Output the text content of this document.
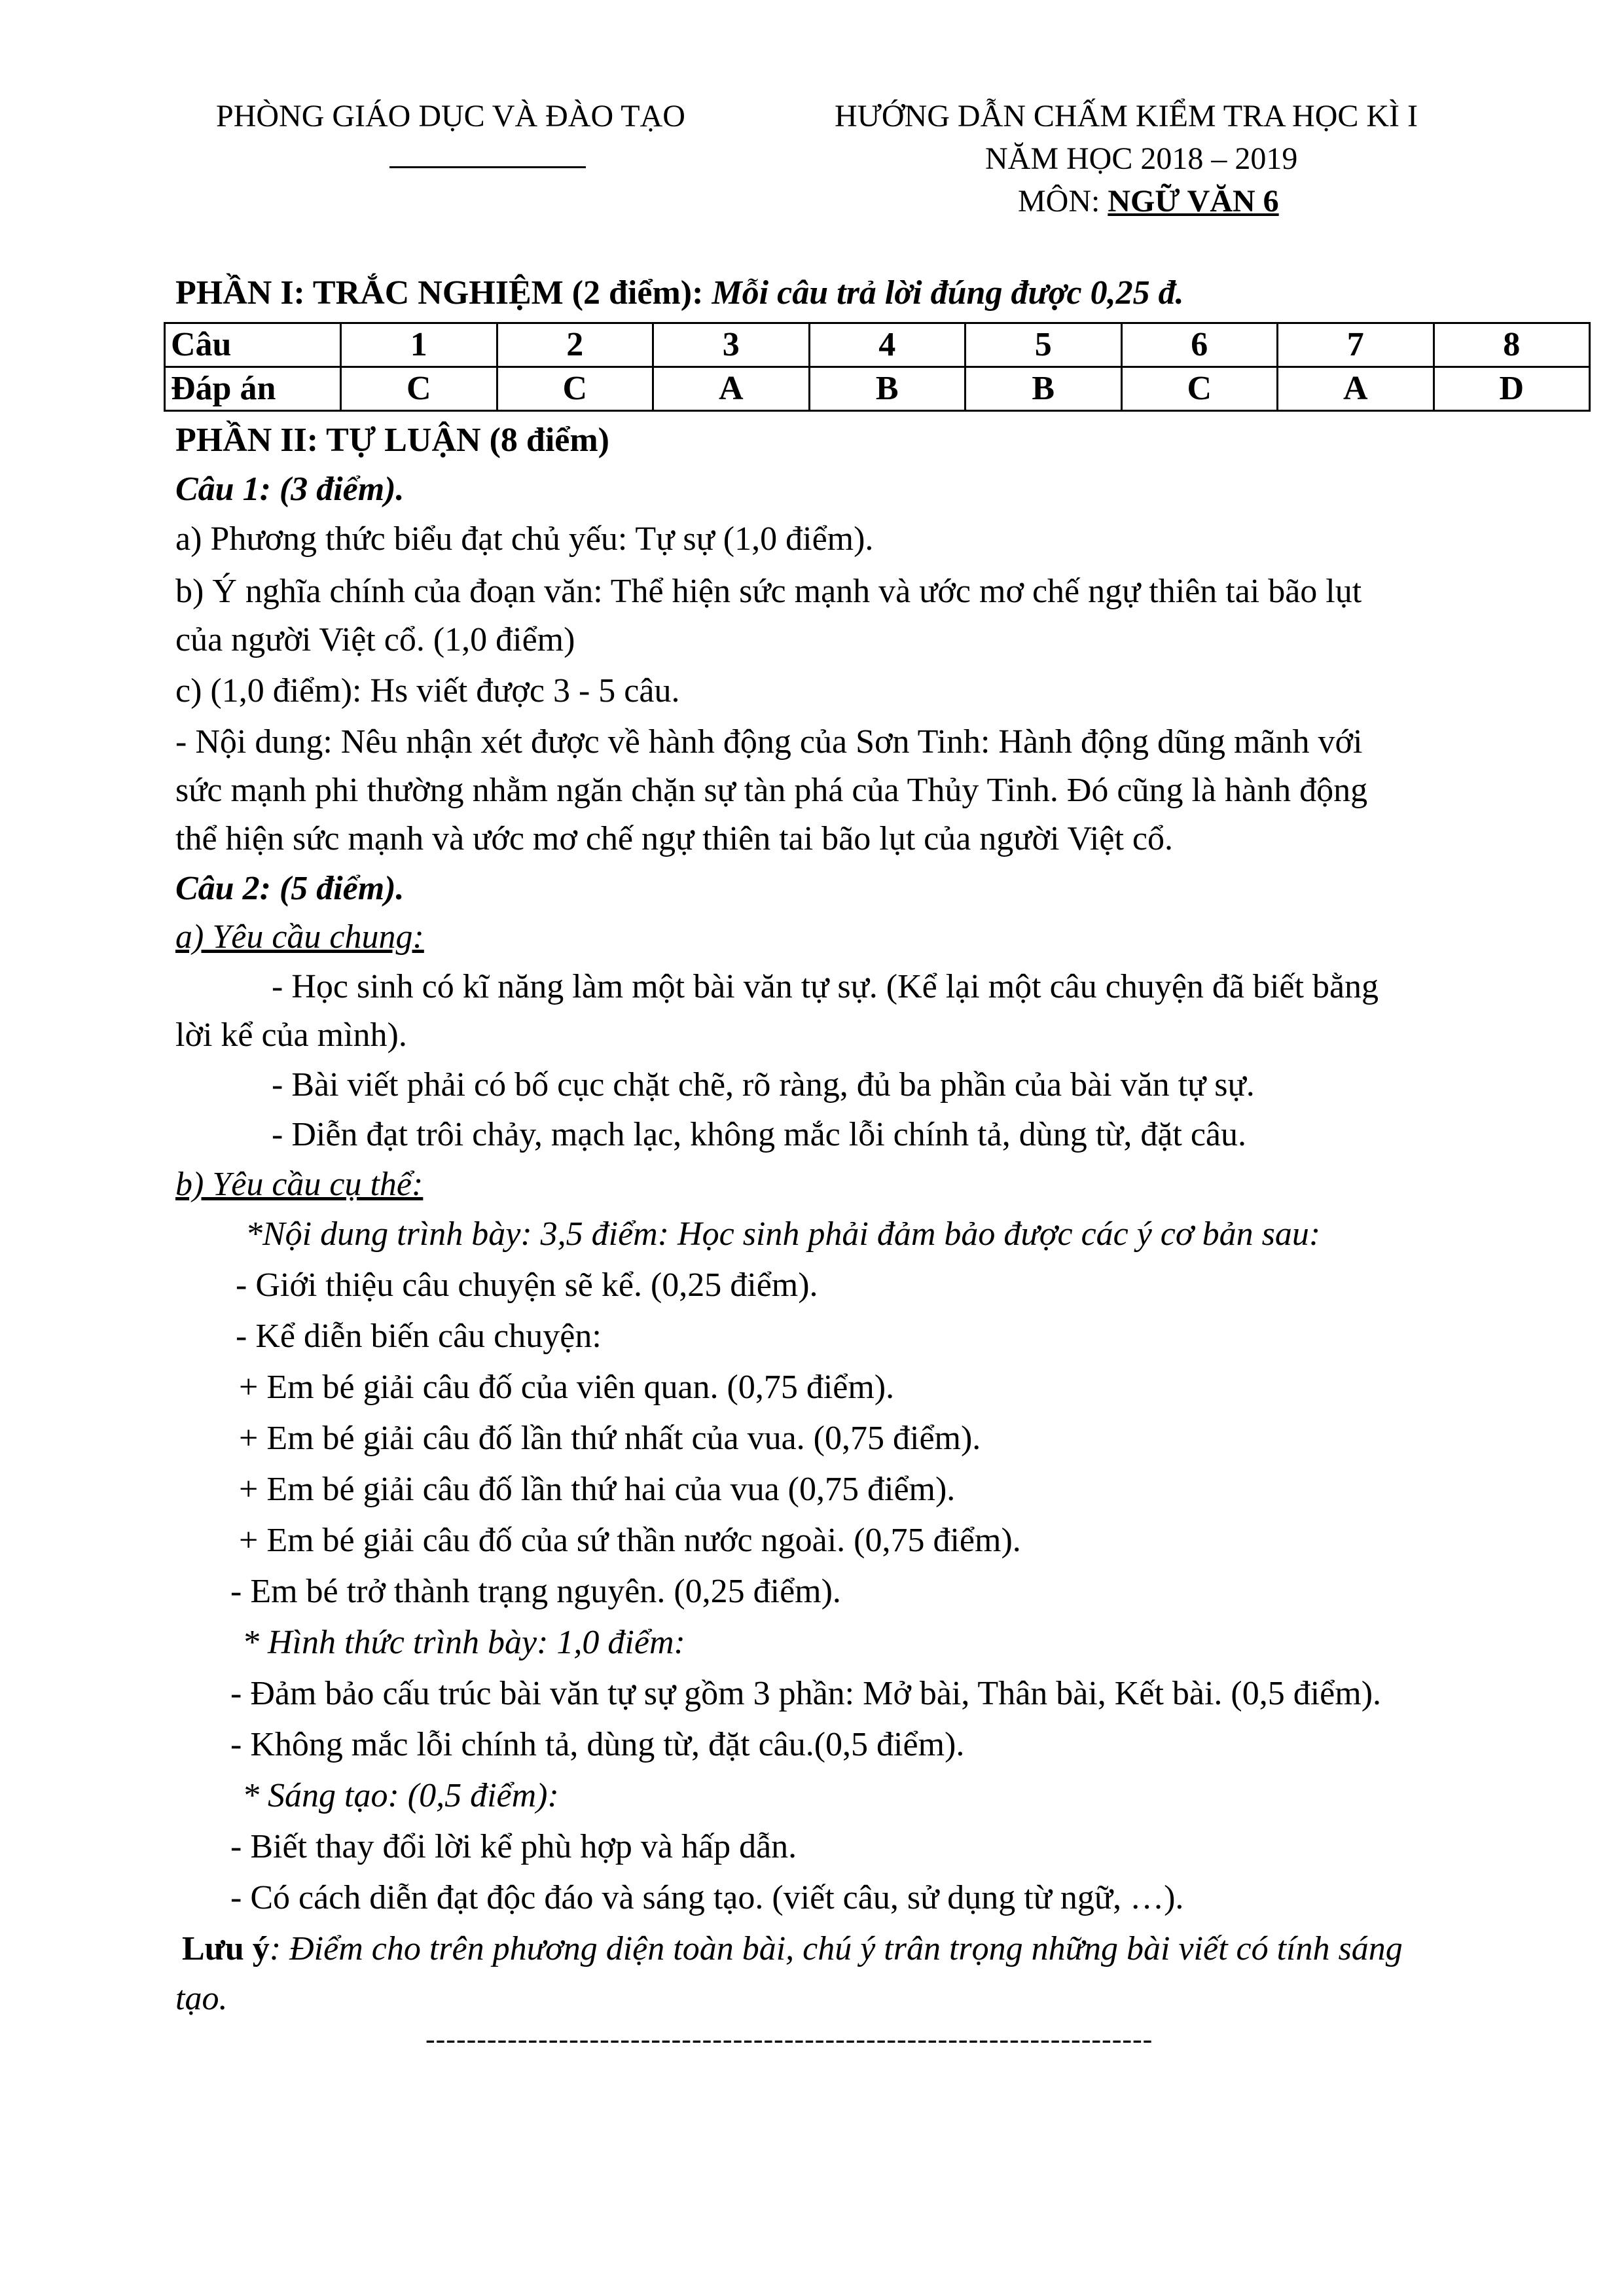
PHÒNG GIÁO DỤC VÀ ĐÀO TẠO	HƯỚNG DẪN CHẤM KIỂM TRA HỌC KÌ I
NĂM HỌC 2018 – 2019
MÔN: NGỮ VĂN 6
PHẦN I: TRẮC NGHIỆM (2 điểm): Mỗi câu trả lời đúng được 0,25 đ.
Câu	1	2	3	4	5	6	7	8
Đáp án	C	C	A	B	B	C	A	D
PHẦN II: TỰ LUẬN (8 điểm)
Câu 1: (3 điểm).
a) Phương thức biểu đạt chủ yếu: Tự sự (1,0 điểm).
b) Ý nghĩa chính của đoạn văn: Thể hiện sức mạnh và ước mơ chế ngự thiên tai bão lụt
của người Việt cổ. (1,0 điểm)
c) (1,0 điểm): Hs viết được 3 - 5 câu.
- Nội dung: Nêu nhận xét được về hành động của Sơn Tinh: Hành động dũng mãnh với
sức mạnh phi thường nhằm ngăn chặn sự tàn phá của Thủy Tinh. Đó cũng là hành động
thể hiện sức mạnh và ước mơ chế ngự thiên tai bão lụt của người Việt cổ.
Câu 2: (5 điểm).
a) Yêu cầu chung:
- Học sinh có kĩ năng làm một bài văn tự sự. (Kể lại một câu chuyện đã biết bằng
lời kể của mình).
- Bài viết phải có bố cục chặt chẽ, rõ ràng, đủ ba phần của bài văn tự sự.
- Diễn đạt trôi chảy, mạch lạc, không mắc lỗi chính tả, dùng từ, đặt câu.
b) Yêu cầu cụ thể:
*Nội dung trình bày: 3,5 điểm: Học sinh phải đảm bảo được các ý cơ bản sau:
- Giới thiệu câu chuyện sẽ kể. (0,25 điểm).
- Kể diễn biến câu chuyện:
+ Em bé giải câu đố của viên quan. (0,75 điểm).
+ Em bé giải câu đố lần thứ nhất của vua. (0,75 điểm).
+ Em bé giải câu đố lần thứ hai của vua (0,75 điểm).
+ Em bé giải câu đố của sứ thần nước ngoài. (0,75 điểm).
- Em bé trở thành trạng nguyên. (0,25 điểm).
* Hình thức trình bày: 1,0 điểm:
- Đảm bảo cấu trúc bài văn tự sự gồm 3 phần: Mở bài, Thân bài, Kết bài. (0,5 điểm).
- Không mắc lỗi chính tả, dùng từ, đặt câu.(0,5 điểm).
* Sáng tạo: (0,5 điểm):
- Biết thay đổi lời kể phù hợp và hấp dẫn.
- Có cách diễn đạt độc đáo và sáng tạo. (viết câu, sử dụng từ ngữ, …).
Lưu ý: Điểm cho trên phương diện toàn bài, chú ý trân trọng những bài viết có tính sáng
tạo.
-----------------------------------------------------------------------
